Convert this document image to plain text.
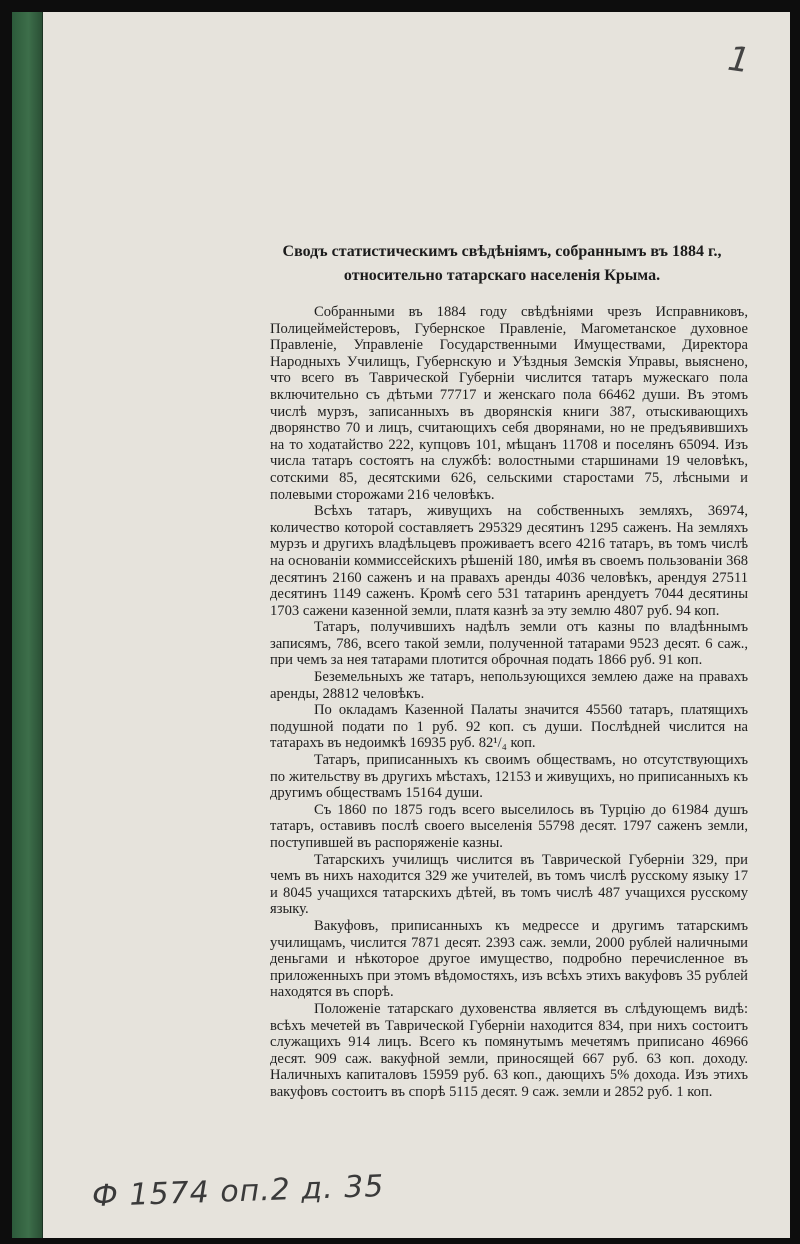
1
Сводъ статистическимъ свѣдѣніямъ, собраннымъ въ 1884 г.,
относительно татарскаго населенія Крыма.

Собранными въ 1884 году свѣдѣніями чрезъ Исправниковъ, Полицеймейстеровъ, Губернское Правленіе, Магометанское духовное Правленіе, Управленіе Государственными Имуществами, Директора Народныхъ Училищъ, Губернскую и Уѣздныя Земскія Управы, выяснено, что всего въ Таврической Губерніи числится татаръ мужескаго пола включительно съ дѣтьми 77717 и женскаго пола 66462 души. Въ этомъ числѣ мурзъ, записанныхъ въ дворянскія книги 387, отыскивающихъ дворянство 70 и лицъ, считающихъ себя дворянами, но не предъявившихъ на то ходатайство 222, купцовъ 101, мѣщанъ 11708 и поселянъ 65094. Изъ числа татаръ состоятъ на службѣ: волостными старшинами 19 человѣкъ, сотскими 85, десятскими 626, сельскими старостами 75, лѣсными и полевыми сторожами 216 человѣкъ.

Всѣхъ татаръ, живущихъ на собственныхъ земляхъ, 36974, количество которой составляетъ 295329 десятинъ 1295 саженъ. На земляхъ мурзъ и другихъ владѣльцевъ проживаетъ всего 4216 татаръ, въ томъ числѣ на основаніи коммиссейскихъ рѣшеній 180, имѣя въ своемъ пользованіи 368 десятинъ 2160 саженъ и на правахъ аренды 4036 человѣкъ, арендуя 27511 десятинъ 1149 саженъ. Кромѣ сего 531 татаринъ арендуетъ 7044 десятины 1703 сажени казенной земли, платя казнѣ за эту землю 4807 руб. 94 коп.

Татаръ, получившихъ надѣлъ земли отъ казны по владѣннымъ записямъ, 786, всего такой земли, полученной татарами 9523 десят. 6 саж., при чемъ за нея татарами плотится оброчная подать 1866 руб. 91 коп.

Беземельныхъ же татаръ, непользующихся землею даже на правахъ аренды, 28812 человѣкъ.

По окладамъ Казенной Палаты значится 45560 татаръ, платящихъ подушной подати по 1 руб. 92 коп. съ души. Послѣдней числится на татарахъ въ недоимкѣ 16935 руб. 82¹/₄ коп.

Татаръ, приписанныхъ къ своимъ обществамъ, но отсутствующихъ по жительству въ другихъ мѣстахъ, 12153 и живущихъ, но приписанныхъ къ другимъ обществамъ 15164 души.

Съ 1860 по 1875 годъ всего выселилось въ Турцію до 61984 душъ татаръ, оставивъ послѣ своего выселенія 55798 десят. 1797 саженъ земли, поступившей въ распоряженіе казны.

Татарскихъ училищъ числится въ Таврической Губерніи 329, при чемъ въ нихъ находится 329 же учителей, въ томъ числѣ русскому языку 17 и 8045 учащихся татарскихъ дѣтей, въ томъ числѣ 487 учащихся русскому языку.

Вакуфовъ, приписанныхъ къ медрессе и другимъ татарскимъ училищамъ, числится 7871 десят. 2393 саж. земли, 2000 рублей наличными деньгами и нѣкоторое другое имущество, подробно перечисленное въ приложенныхъ при этомъ вѣдомостяхъ, изъ всѣхъ этихъ вакуфовъ 35 рублей находятся въ спорѣ.

Положеніе татарскаго духовенства является въ слѣдующемъ видѣ: всѣхъ мечетей въ Таврической Губерніи находится 834, при нихъ состоитъ служащихъ 914 лицъ. Всего къ помянутымъ мечетямъ приписано 46966 десят. 909 саж. вакуфной земли, приносящей 667 руб. 63 коп. доходу. Наличныхъ капиталовъ 15959 руб. 63 коп., дающихъ 5% дохода. Изъ этихъ вакуфовъ состоитъ въ спорѣ 5115 десят. 9 саж. земли и 2852 руб. 1 коп.

Ф 1574 оп.2 д. 35
